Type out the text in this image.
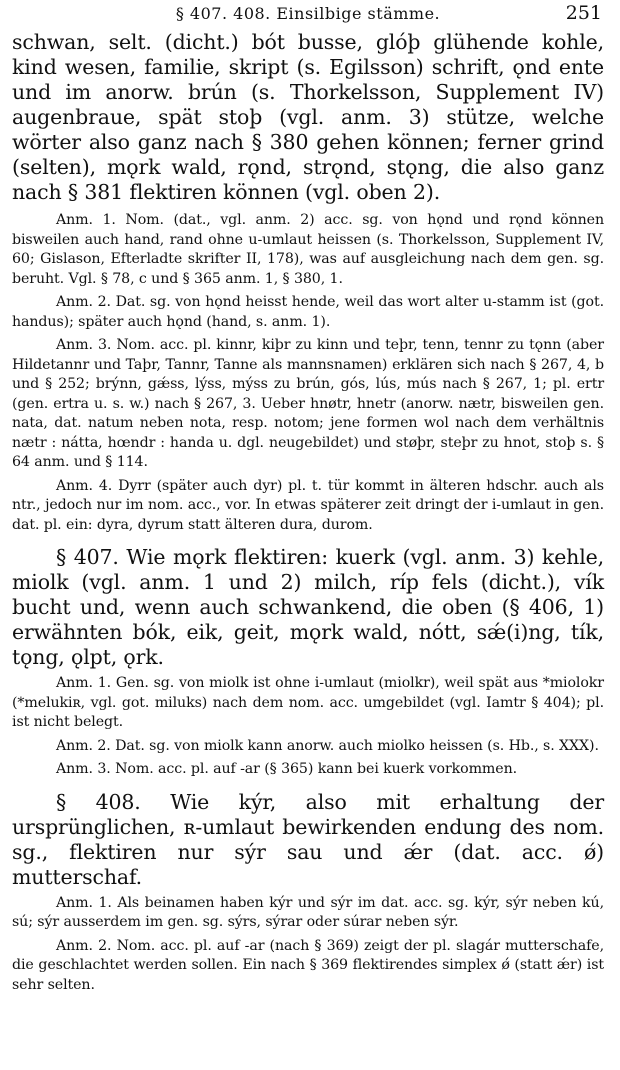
§ 407. 408. Einsilbige stämme.	251

schwan, selt. (dicht.) bót busse, glóþ glühende kohle, kind wesen, familie, skript (s. Egilsson) schrift, ǫnd ente und im anorw. brún (s. Thorkelsson, Supplement IV) augenbraue, spät stoþ (vgl. anm. 3) stütze, welche wörter also ganz nach § 380 gehen können; ferner grind (selten), mǫrk wald, rǫnd, strǫnd, stǫng, die also ganz nach § 381 flektiren können (vgl. oben 2).

Anm. 1. Nom. (dat., vgl. anm. 2) acc. sg. von hǫnd und rǫnd können bisweilen auch hand, rand ohne u-umlaut heissen (s. Thorkelsson, Supplement IV, 60; Gislason, Efterladte skrifter II, 178), was auf ausgleichung nach dem gen. sg. beruht. Vgl. § 78, c und § 365 anm. 1, § 380, 1.

Anm. 2. Dat. sg. von hǫnd heisst hende, weil das wort alter u-stamm ist (got. handus); später auch hǫnd (hand, s. anm. 1).

Anm. 3. Nom. acc. pl. kinnr, kiþr zu kinn und teþr, tenn, tennr zu tǫnn (aber Hildetannr und Taþr, Tannr, Tanne als mannsnamen) erklären sich nach § 267, 4, b und § 252; brýnn, gǽss, lýss, mýss zu brún, gós, lús, mús nach § 267, 1; pl. ertr (gen. ertra u. s. w.) nach § 267, 3. Ueber hnøtr, hnetr (anorw. nætr, bisweilen gen. nata, dat. natum neben nota, resp. notom; jene formen wol nach dem verhältnis nætr : nátta, hœndr : handa u. dgl. neugebildet) und støþr, steþr zu hnot, stoþ s. § 64 anm. und § 114.

Anm. 4. Dyrr (später auch dyr) pl. t. tür kommt in älteren hdschr. auch als ntr., jedoch nur im nom. acc., vor. In etwas späterer zeit dringt der i-umlaut in gen. dat. pl. ein: dyra, dyrum statt älteren dura, durom.

§ 407. Wie mǫrk flektiren: kuerk (vgl. anm. 3) kehle, miolk (vgl. anm. 1 und 2) milch, ríp fels (dicht.), vík bucht und, wenn auch schwankend, die oben (§ 406, 1) erwähnten bók, eik, geit, mǫrk wald, nótt, sǽ(i)ng, tík, tǫng, ǫlpt, ǫrk.

Anm. 1. Gen. sg. von miolk ist ohne i-umlaut (miolkr), weil spät aus *miolokr (*melukiʀ, vgl. got. miluks) nach dem nom. acc. umgebildet (vgl. Iamtr § 404); pl. ist nicht belegt.

Anm. 2. Dat. sg. von miolk kann anorw. auch miolko heissen (s. Hb., s. XXX).

Anm. 3. Nom. acc. pl. auf -ar (§ 365) kann bei kuerk vorkommen.

§ 408. Wie kýr, also mit erhaltung der ursprünglichen, ʀ-umlaut bewirkenden endung des nom. sg., flektiren nur sýr sau und ǽr (dat. acc. ǿ) mutterschaf.

Anm. 1. Als beinamen haben kýr und sýr im dat. acc. sg. kýr, sýr neben kú, sú; sýr ausserdem im gen. sg. sýrs, sýrar oder súrar neben sýr.

Anm. 2. Nom. acc. pl. auf -ar (nach § 369) zeigt der pl. slagár mutterschafe, die geschlachtet werden sollen. Ein nach § 369 flektirendes simplex ǿ (statt ǽr) ist sehr selten.
